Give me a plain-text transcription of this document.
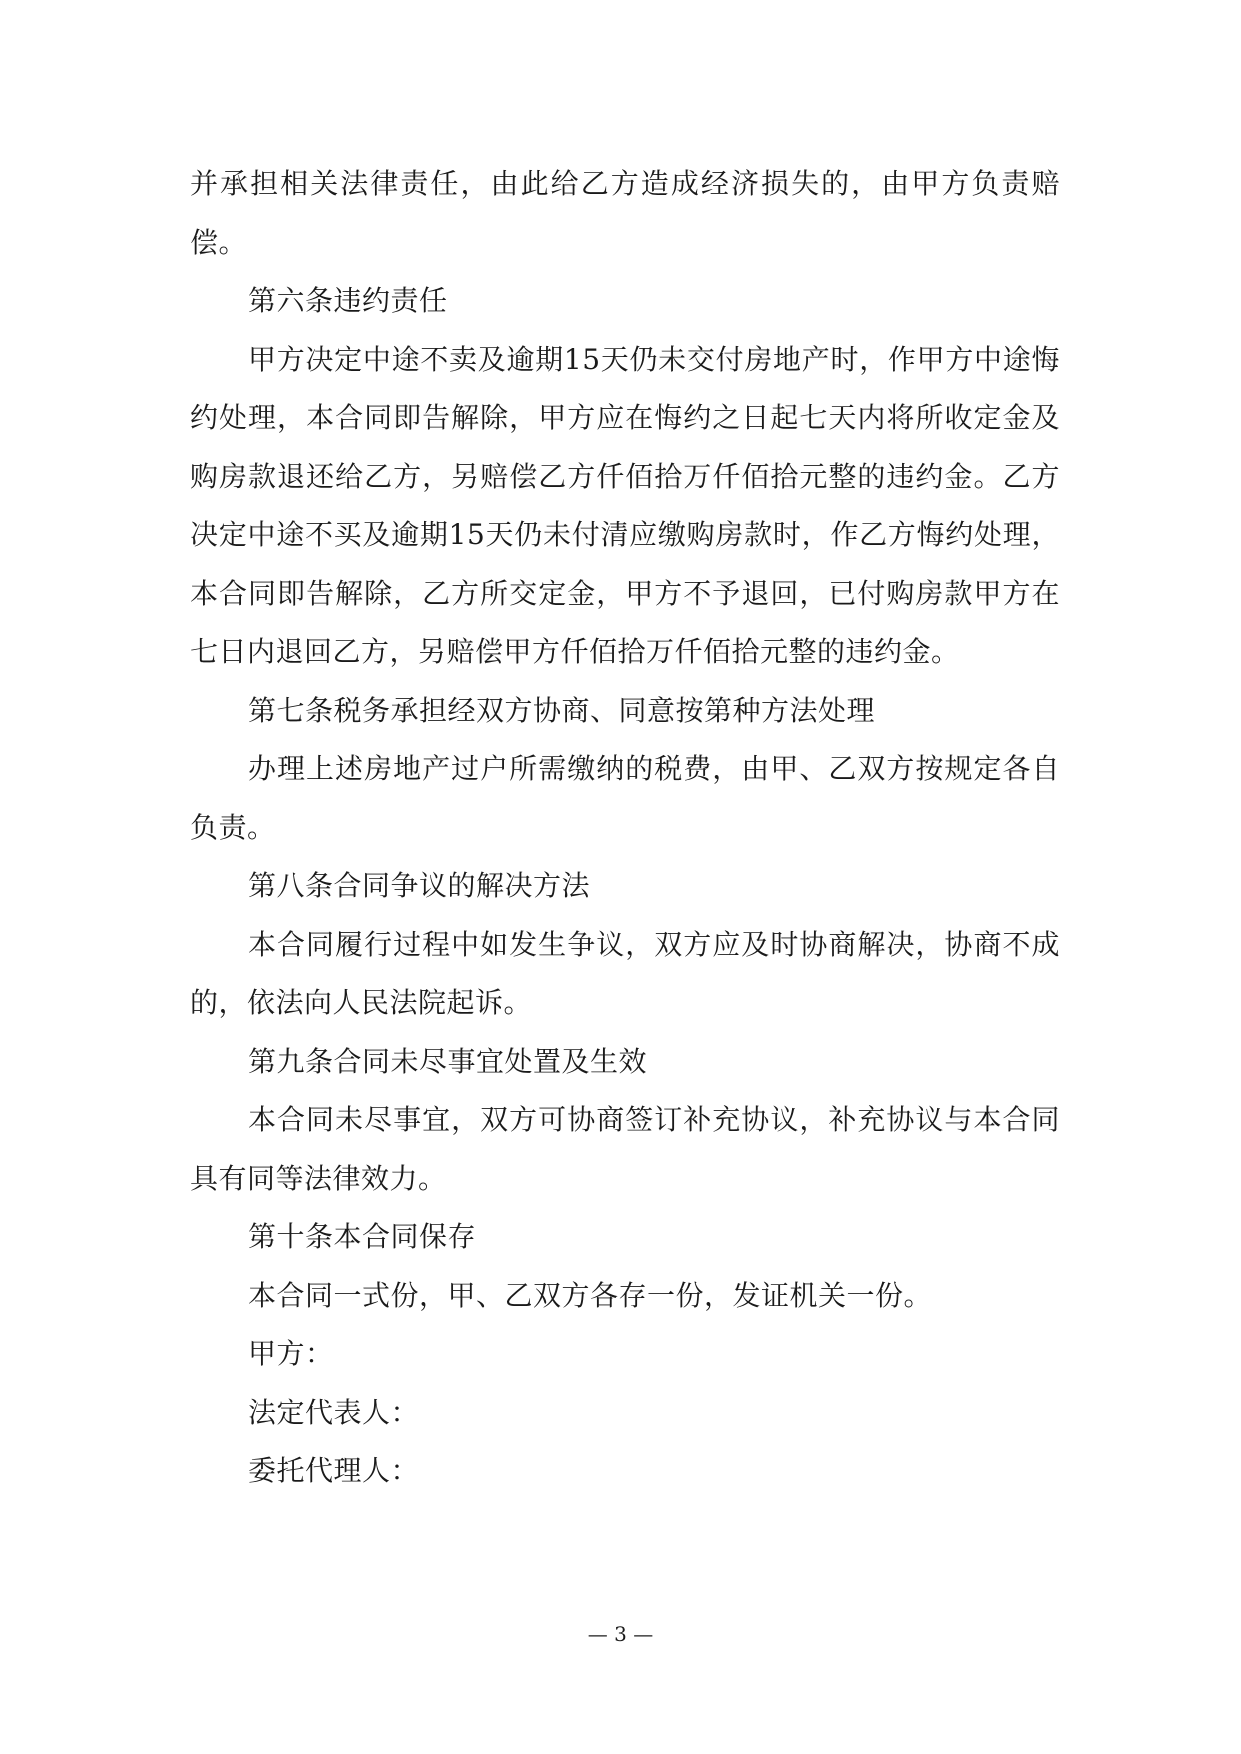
并承担相关法律责任，由此给乙方造成经济损失的，由甲方负责赔偿。

第六条违约责任

甲方决定中途不卖及逾期15天仍未交付房地产时，作甲方中途悔约处理，本合同即告解除，甲方应在悔约之日起七天内将所收定金及购房款退还给乙方，另赔偿乙方仟佰拾万仟佰拾元整的违约金。乙方决定中途不买及逾期15天仍未付清应缴购房款时，作乙方悔约处理，本合同即告解除，乙方所交定金，甲方不予退回，已付购房款甲方在七日内退回乙方，另赔偿甲方仟佰拾万仟佰拾元整的违约金。

第七条税务承担经双方协商、同意按第种方法处理

办理上述房地产过户所需缴纳的税费，由甲、乙双方按规定各自负责。

第八条合同争议的解决方法

本合同履行过程中如发生争议，双方应及时协商解决，协商不成的，依法向人民法院起诉。

第九条合同未尽事宜处置及生效

本合同未尽事宜，双方可协商签订补充协议，补充协议与本合同具有同等法律效力。

第十条本合同保存

本合同一式份，甲、乙双方各存一份，发证机关一份。

甲方：

法定代表人：

委托代理人：

— 3 —
